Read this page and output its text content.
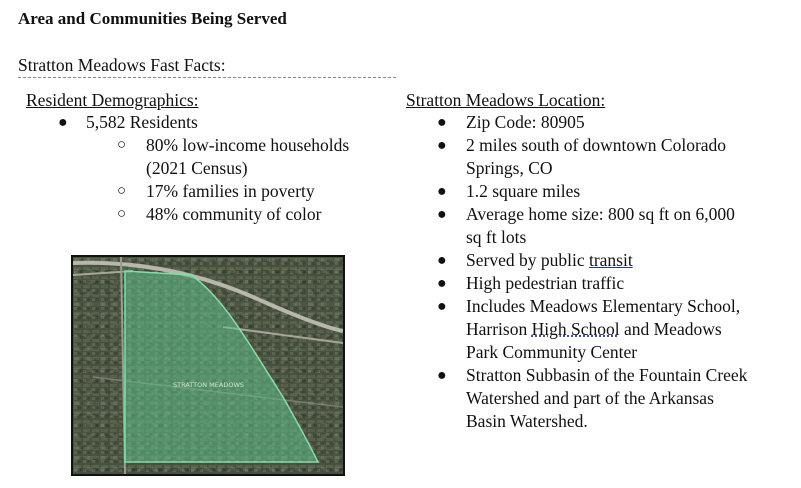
Area and Communities Being Served
Stratton Meadows Fast Facts:
Resident Demographics:
● 5,582 Residents
○ 80% low-income households
(2021 Census)
○ 17% families in poverty
○ 48% community of color
Stratton Meadows Location:
● Zip Code: 80905
● 2 miles south of downtown Colorado
Springs, CO
● 1.2 square miles
● Average home size: 800 sq ft on 6,000
sq ft lots
● Served by public transit
● High pedestrian traffic
● Includes Meadows Elementary School,
Harrison High School and Meadows
Park Community Center
● Stratton Subbasin of the Fountain Creek
Watershed and part of the Arkansas
Basin Watershed.
STRATTON MEADOWS
